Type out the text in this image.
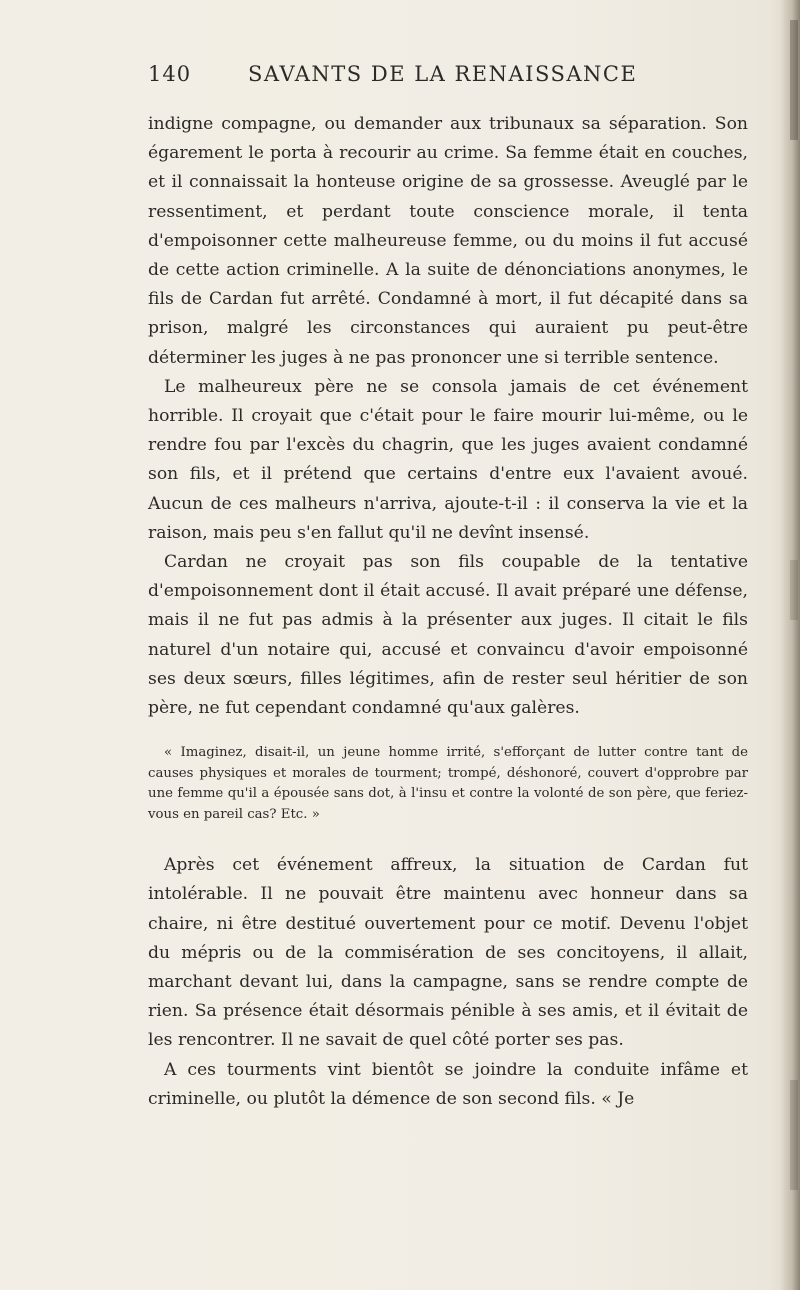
140	SAVANTS DE LA RENAISSANCE

indigne compagne, ou demander aux tribunaux sa séparation. Son égarement le porta à recourir au crime. Sa femme était en couches, et il connaissait la honteuse origine de sa grossesse. Aveuglé par le ressentiment, et perdant toute conscience morale, il tenta d'empoisonner cette malheureuse femme, ou du moins il fut accusé de cette action criminelle. A la suite de dénonciations anonymes, le fils de Cardan fut arrêté. Condamné à mort, il fut décapité dans sa prison, malgré les circonstances qui auraient pu peut-être déterminer les juges à ne pas prononcer une si terrible sentence.

Le malheureux père ne se consola jamais de cet événement horrible. Il croyait que c'était pour le faire mourir lui-même, ou le rendre fou par l'excès du chagrin, que les juges avaient condamné son fils, et il prétend que certains d'entre eux l'avaient avoué. Aucun de ces malheurs n'arriva, ajoute-t-il : il conserva la vie et la raison, mais peu s'en fallut qu'il ne devînt insensé.

Cardan ne croyait pas son fils coupable de la tentative d'empoisonnement dont il était accusé. Il avait préparé une défense, mais il ne fut pas admis à la présenter aux juges. Il citait le fils naturel d'un notaire qui, accusé et convaincu d'avoir empoisonné ses deux sœurs, filles légitimes, afin de rester seul héritier de son père, ne fut cependant condamné qu'aux galères.

« Imaginez, disait-il, un jeune homme irrité, s'efforçant de lutter contre tant de causes physiques et morales de tourment; trompé, déshonoré, couvert d'opprobre par une femme qu'il a épousée sans dot, à l'insu et contre la volonté de son père, que feriez-vous en pareil cas? Etc. »

Après cet événement affreux, la situation de Cardan fut intolérable. Il ne pouvait être maintenu avec honneur dans sa chaire, ni être destitué ouvertement pour ce motif. Devenu l'objet du mépris ou de la commisération de ses concitoyens, il allait, marchant devant lui, dans la campagne, sans se rendre compte de rien. Sa présence était désormais pénible à ses amis, et il évitait de les rencontrer. Il ne savait de quel côté porter ses pas.

A ces tourments vint bientôt se joindre la conduite infâme et criminelle, ou plutôt la démence de son second fils. « Je
